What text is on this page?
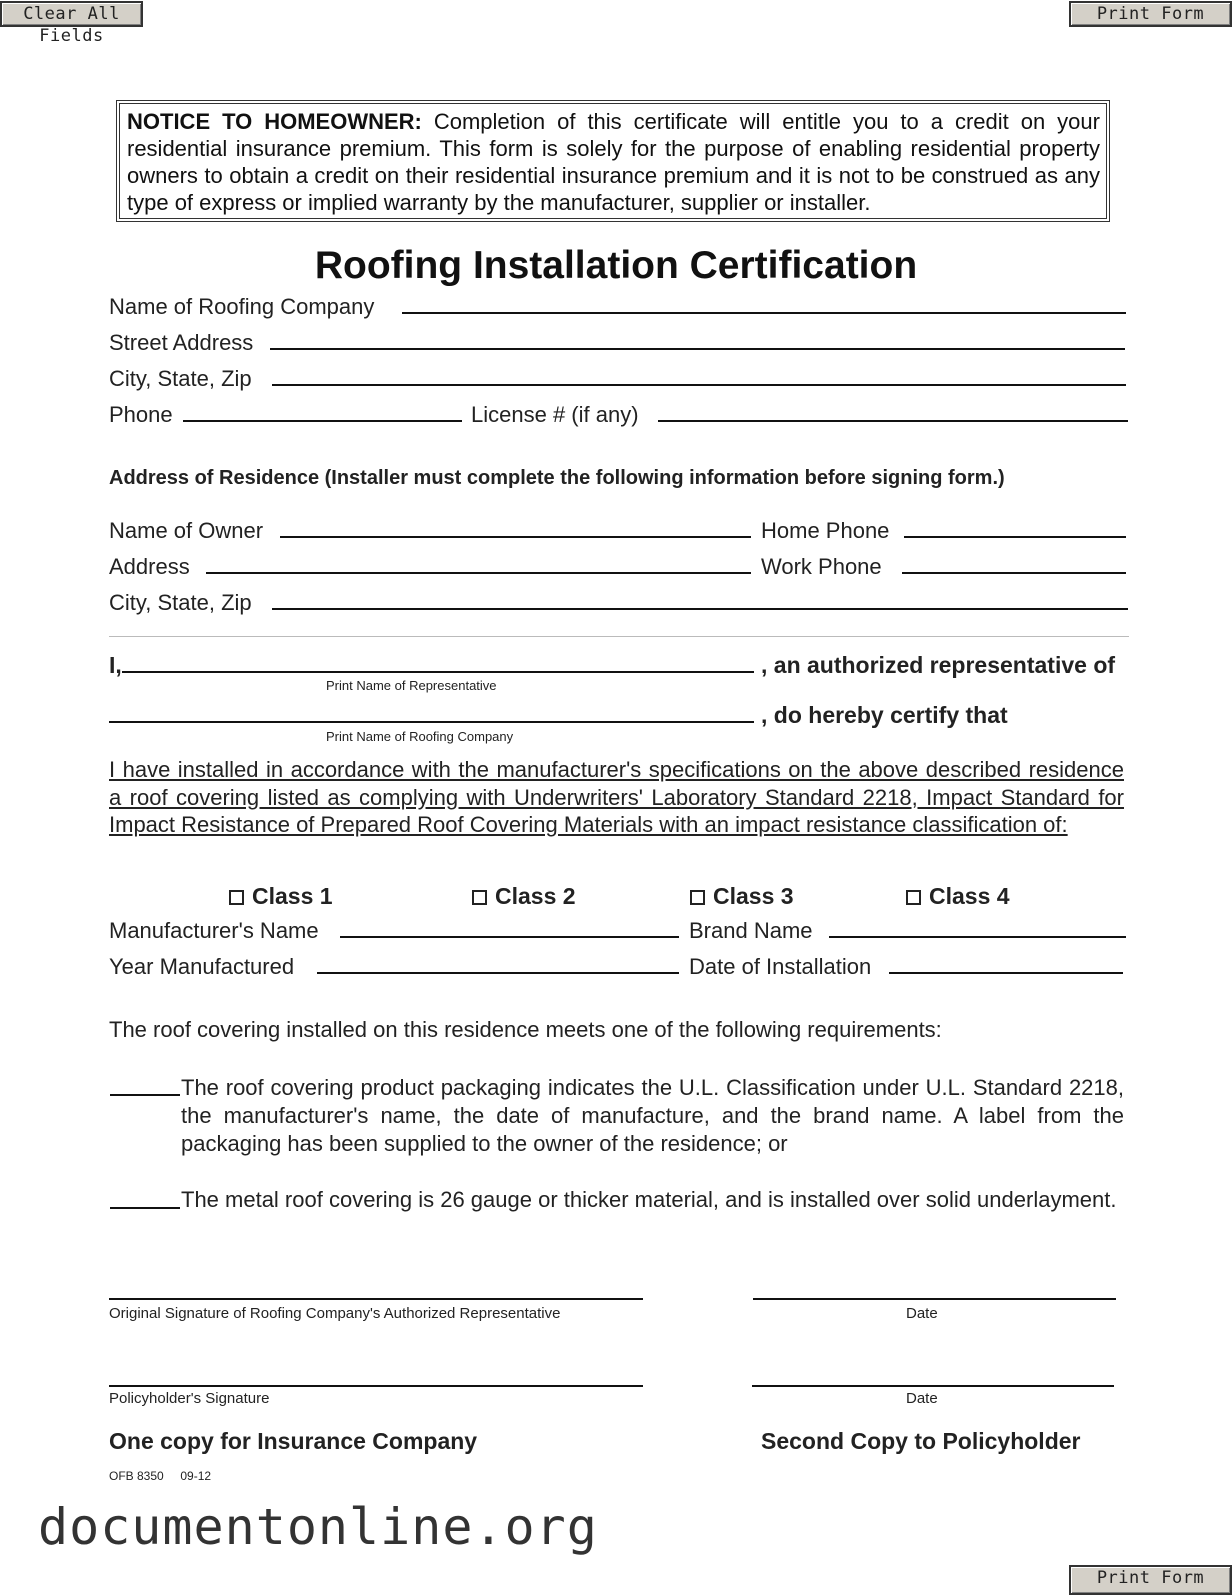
Clear All Fields
Print Form
NOTICE TO HOMEOWNER: Completion of this certificate will entitle you to a credit on your residential insurance premium. This form is solely for the purpose of enabling residential property owners to obtain a credit on their residential insurance premium and it is not to be construed as any type of express or implied warranty by the manufacturer, supplier or installer.
Roofing Installation Certification
Name of Roofing Company
Street Address
City, State, Zip
Phone	License # (if any)
Address of Residence (Installer must complete the following information before signing form.)
Name of Owner	Home Phone
Address	Work Phone
City, State, Zip
I,	, an authorized representative of
Print Name of Representative
, do hereby certify that
Print Name of Roofing Company
I have installed in accordance with the manufacturer's specifications on the above described residence a roof covering listed as complying with Underwriters' Laboratory Standard 2218, Impact Standard for Impact Resistance of Prepared Roof Covering Materials with an impact resistance classification of:
Class 1	Class 2	Class 3	Class 4
Manufacturer's Name	Brand Name
Year Manufactured	Date of Installation
The roof covering installed on this residence meets one of the following requirements:
The roof covering product packaging indicates the U.L. Classification under U.L. Standard 2218, the manufacturer's name, the date of manufacture, and the brand name. A label from the packaging has been supplied to the owner of the residence; or
The metal roof covering is 26 gauge or thicker material, and is installed over solid underlayment.
Original Signature of Roofing Company's Authorized Representative	Date
Policyholder's Signature	Date
One copy for Insurance Company	Second Copy to Policyholder
OFB 8350     09-12
documentonline.org
Print Form
